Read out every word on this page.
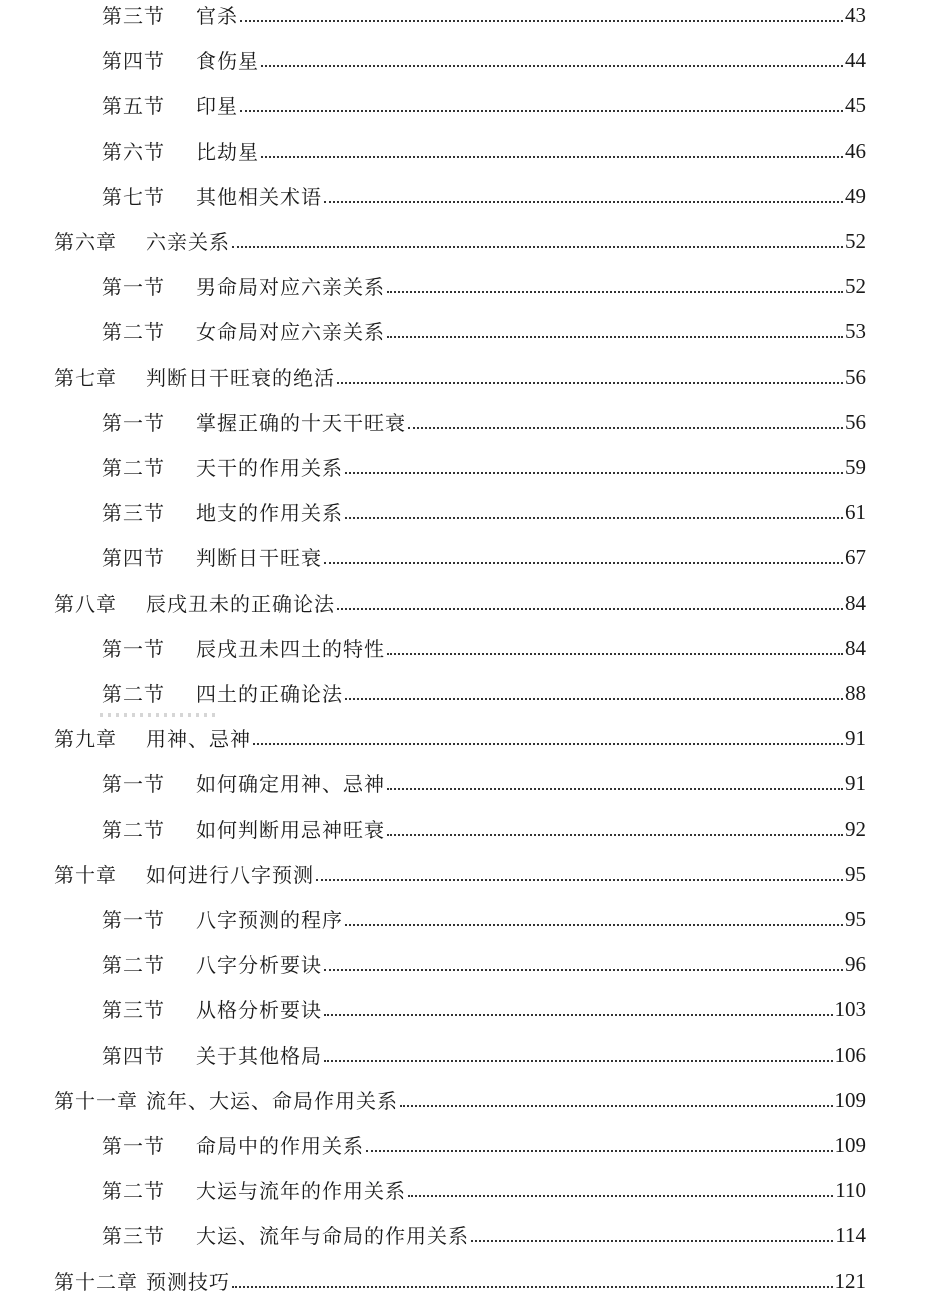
第三节	官杀	43
第四节	食伤星	44
第五节	印星	45
第六节	比劫星	46
第七节	其他相关术语	49
第六章	六亲关系	52
第一节	男命局对应六亲关系	52
第二节	女命局对应六亲关系	53
第七章	判断日干旺衰的绝活	56
第一节	掌握正确的十天干旺衰	56
第二节	天干的作用关系	59
第三节	地支的作用关系	61
第四节	判断日干旺衰	67
第八章	辰戌丑未的正确论法	84
第一节	辰戌丑未四土的特性	84
第二节	四土的正确论法	88
第九章	用神、忌神	91
第一节	如何确定用神、忌神	91
第二节	如何判断用忌神旺衰	92
第十章	如何进行八字预测	95
第一节	八字预测的程序	95
第二节	八字分析要诀	96
第三节	从格分析要诀	103
第四节	关于其他格局	106
第十一章 流年、大运、命局作用关系	109
第一节	命局中的作用关系	109
第二节	大运与流年的作用关系	110
第三节	大运、流年与命局的作用关系	114
第十二章 预测技巧	121
